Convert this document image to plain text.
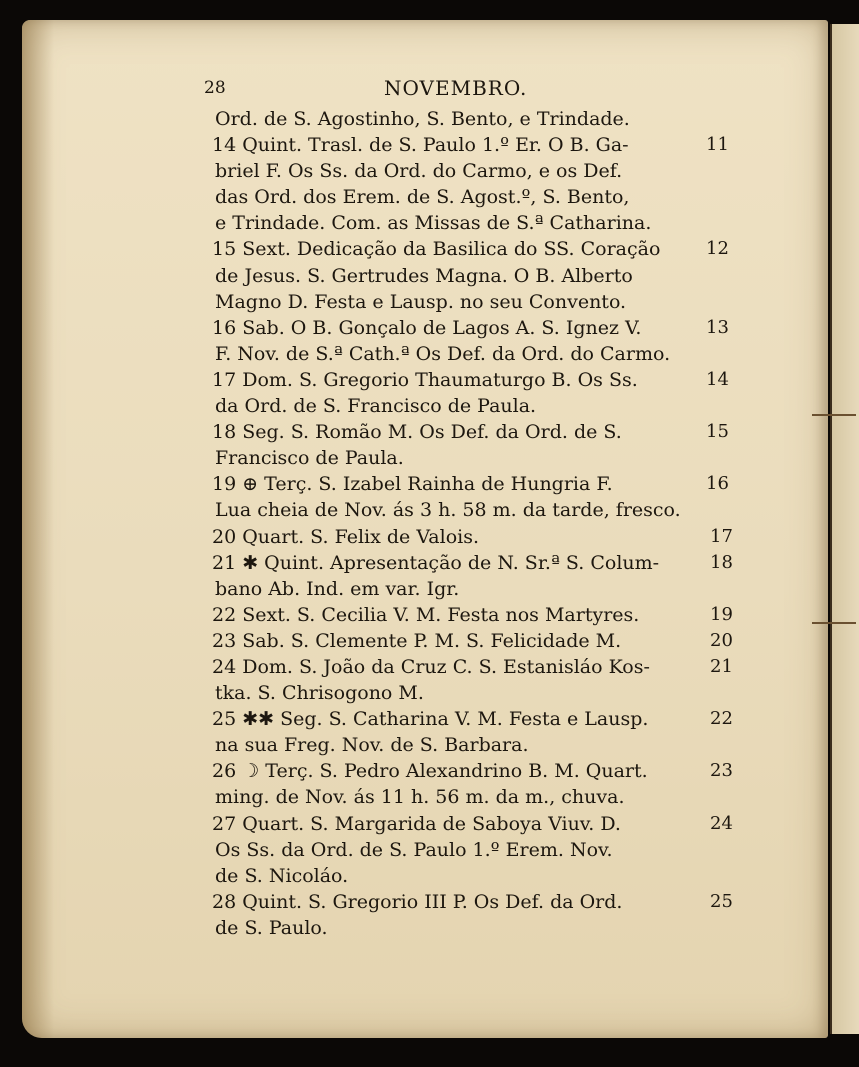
28	NOVEMBRO.
Ord. de S. Agostinho, S. Bento, e Trindade.
14 Quint. Trasl. de S. Paulo 1.º Er. O B. Ga-	11
briel F. Os Ss. da Ord. do Carmo, e os Def.
das Ord. dos Erem. de S. Agost.º, S. Bento,
e Trindade. Com. as Missas de S.ª Catharina.
15 Sext. Dedicação da Basilica do SS. Coração	12
de Jesus. S. Gertrudes Magna. O B. Alberto
Magno D. Festa e Lausp. no seu Convento.
16 Sab. O B. Gonçalo de Lagos A. S. Ignez V.	13
F. Nov. de S.ª Cath.ª Os Def. da Ord. do Carmo.
17 Dom. S. Gregorio Thaumaturgo B. Os Ss.	14
da Ord. de S. Francisco de Paula.
18 Seg. S. Romão M. Os Def. da Ord. de S.	15
Francisco de Paula.
19 ⊕ Terç. S. Izabel Rainha de Hungria F.	16
Lua cheia de Nov. ás 3 h. 58 m. da tarde, fresco.
20 Quart. S. Felix de Valois.	17
21 ✱ Quint. Apresentação de N. Sr.ª S. Colum-	18
bano Ab. Ind. em var. Igr.
22 Sext. S. Cecilia V. M. Festa nos Martyres.	19
23 Sab. S. Clemente P. M. S. Felicidade M.	20
24 Dom. S. João da Cruz C. S. Estanisláo Kos-	21
tka. S. Chrisogono M.
25 ✱✱ Seg. S. Catharina V. M. Festa e Lausp.	22
na sua Freg. Nov. de S. Barbara.
26 ☽ Terç. S. Pedro Alexandrino B. M. Quart.	23
ming. de Nov. ás 11 h. 56 m. da m., chuva.
27 Quart. S. Margarida de Saboya Viuv. D.	24
Os Ss. da Ord. de S. Paulo 1.º Erem. Nov.
de S. Nicoláo.
28 Quint. S. Gregorio III P. Os Def. da Ord.	25
de S. Paulo.
